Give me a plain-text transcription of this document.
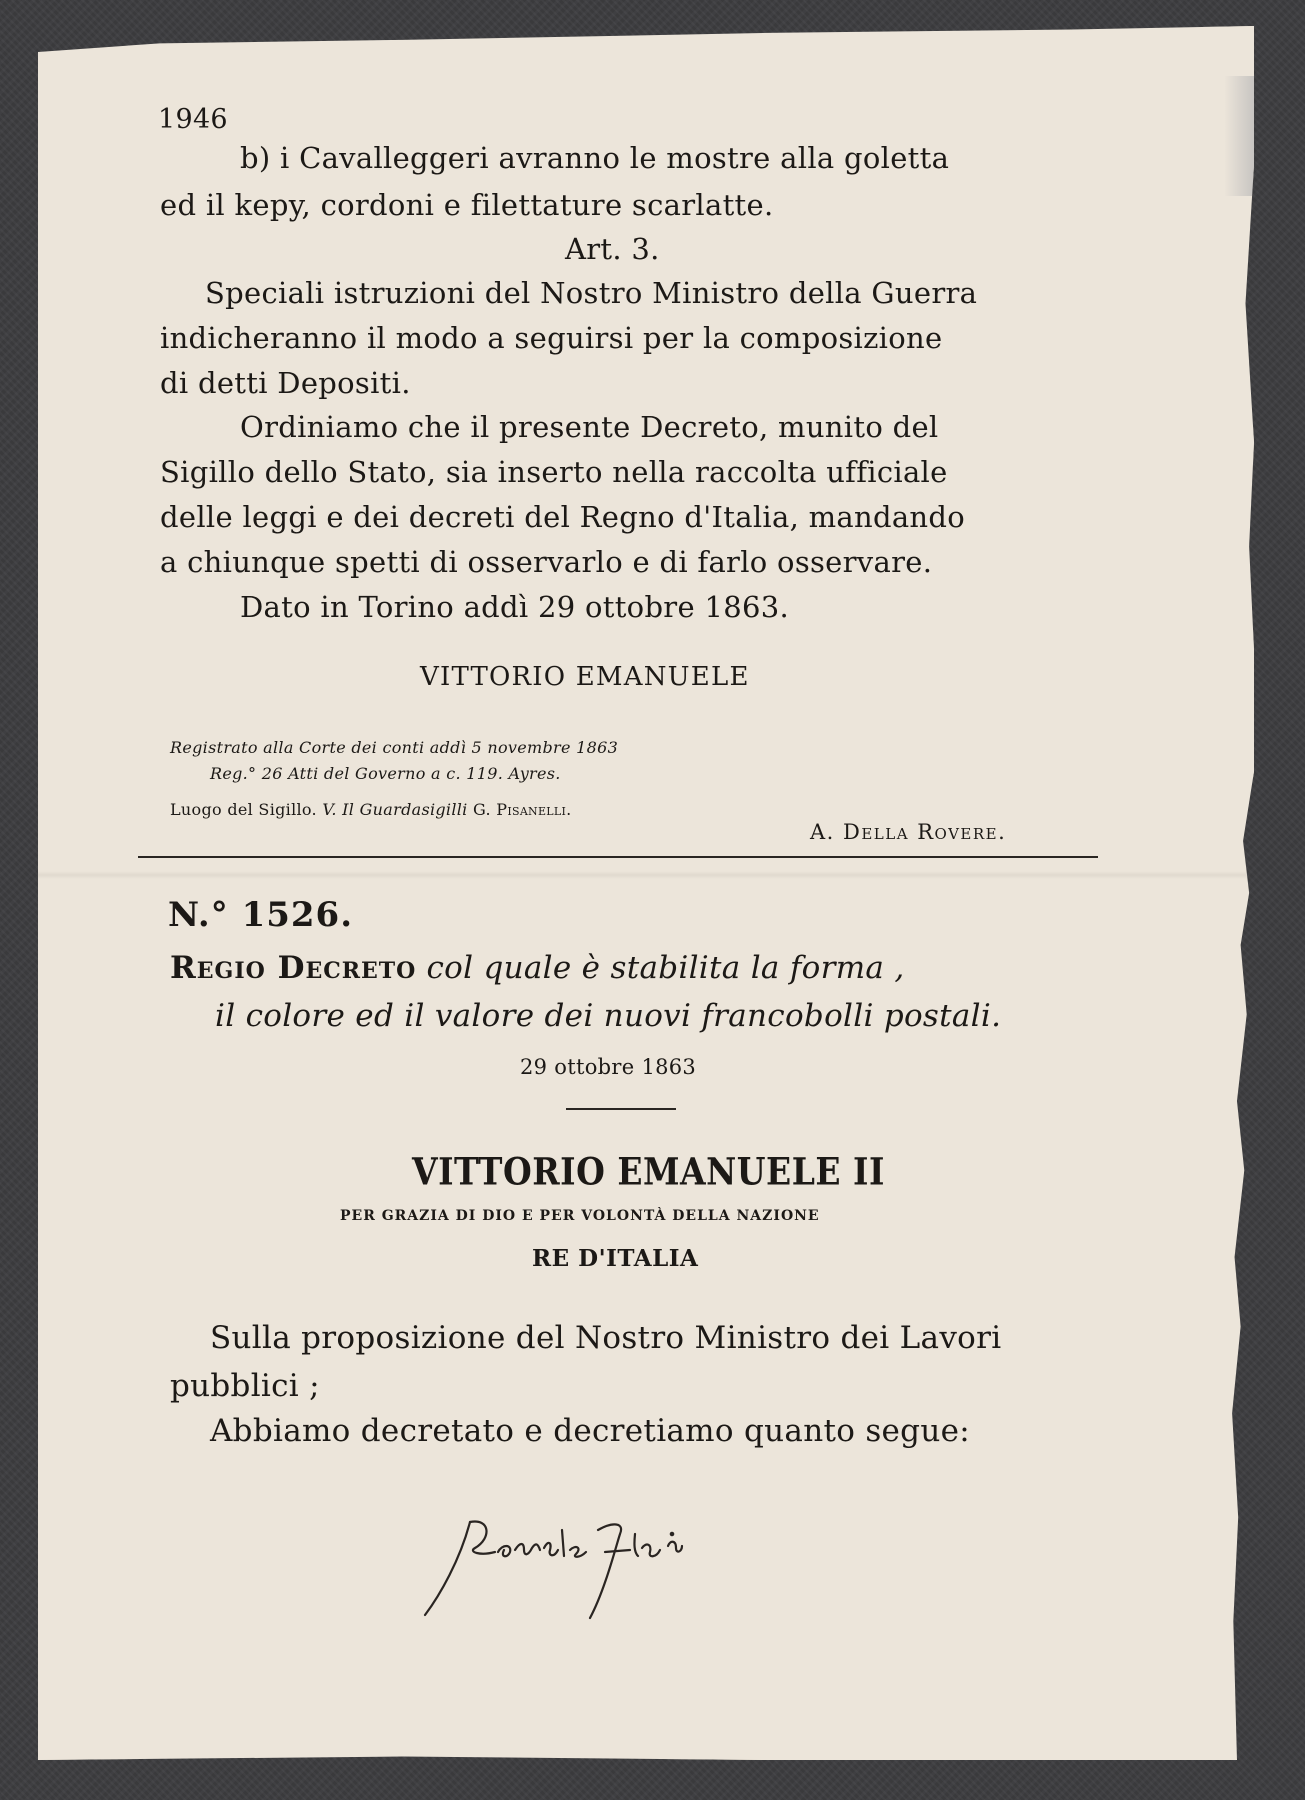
1946
b) i Cavalleggeri avranno le mostre alla goletta
ed il kepy, cordoni e filettature scarlatte.
Art. 3.
Speciali istruzioni del Nostro Ministro della Guerra
indicheranno il modo a seguirsi per la composizione
di detti Depositi.
Ordiniamo che il presente Decreto, munito del
Sigillo dello Stato, sia inserto nella raccolta ufficiale
delle leggi e dei decreti del Regno d'Italia, mandando
a chiunque spetti di osservarlo e di farlo osservare.
Dato in Torino addì 29 ottobre 1863.
VITTORIO EMANUELE
Registrato alla Corte dei conti addì 5 novembre 1863
Reg.° 26 Atti del Governo a c. 119. Ayres.
Luogo del Sigillo. V. Il Guardasigilli G. Pisanelli.
A. Della Rovere.
N.° 1526.
Regio Decreto col quale è stabilita la forma ,
il colore ed il valore dei nuovi francobolli postali.
29 ottobre 1863
VITTORIO EMANUELE II
PER GRAZIA DI DIO E PER VOLONTÀ DELLA NAZIONE
RE D'ITALIA
Sulla proposizione del Nostro Ministro dei Lavori
pubblici ;
Abbiamo decretato e decretiamo quanto segue:
